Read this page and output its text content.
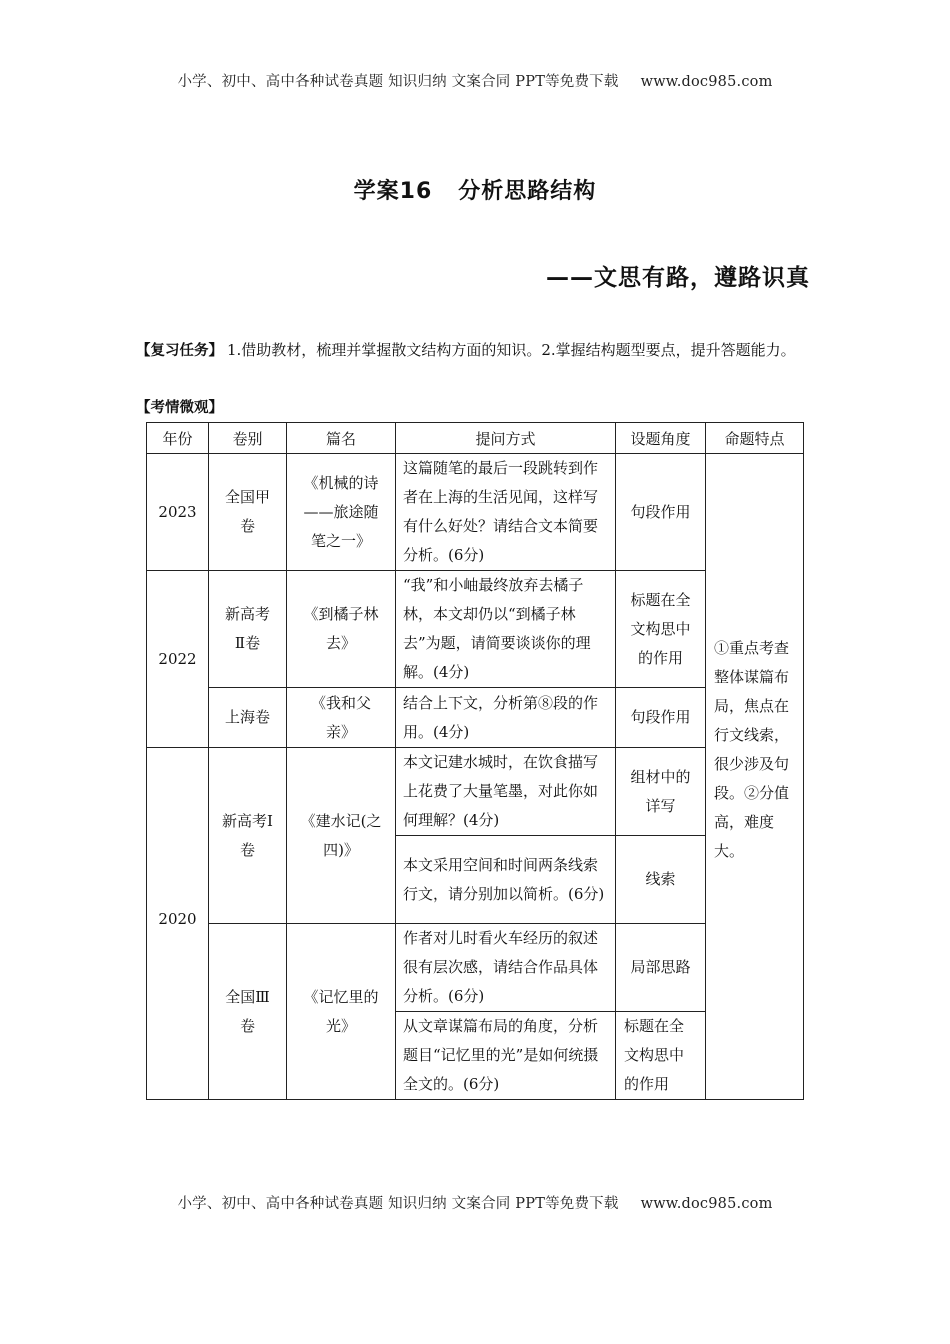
小学、初中、高中各种试卷真题 知识归纳 文案合同 PPT等免费下载 www.doc985.com
学案16 分析思路结构
——文思有路，遵路识真
【复习任务】 1.借助教材，梳理并掌握散文结构方面的知识。2.掌握结构题型要点，提升答题能力。
【考情微观】
年份	卷别	篇名	提问方式	设题角度	命题特点
2023	全国甲卷	《机械的诗——旅途随笔之一》	这篇随笔的最后一段跳转到作者在上海的生活见闻，这样写有什么好处？请结合文本简要分析。(6分)	句段作用	①重点考查整体谋篇布局，焦点在行文线索，很少涉及句段。②分值高，难度大。

2022	新高考Ⅱ卷	《到橘子林去》	“我”和小岫最终放弃去橘子林，本文却仍以“到橘子林去”为题，请简要谈谈你的理解。(4分)	标题在全文构思中的作用	
	上海卷	《我和父亲》	结合上下文，分析第⑧段的作用。(4分)	句段作用	
2020	新高考Ⅰ卷	《建水记(之四)》	本文记建水城时，在饮食描写上花费了大量笔墨，对此你如何理解？(4分)	组材中的详写	
			本文采用空间和时间两条线索行文，请分别加以简析。(6分)	线索	
	全国Ⅲ卷	《记忆里的光》	作者对儿时看火车经历的叙述很有层次感，请结合作品具体分析。(6分)	局部思路	
			从文章谋篇布局的角度，分析题目“记忆里的光”是如何统摄全文的。(6分)	标题在全文构思中的作用	
小学、初中、高中各种试卷真题 知识归纳 文案合同 PPT等免费下载 www.doc985.com
